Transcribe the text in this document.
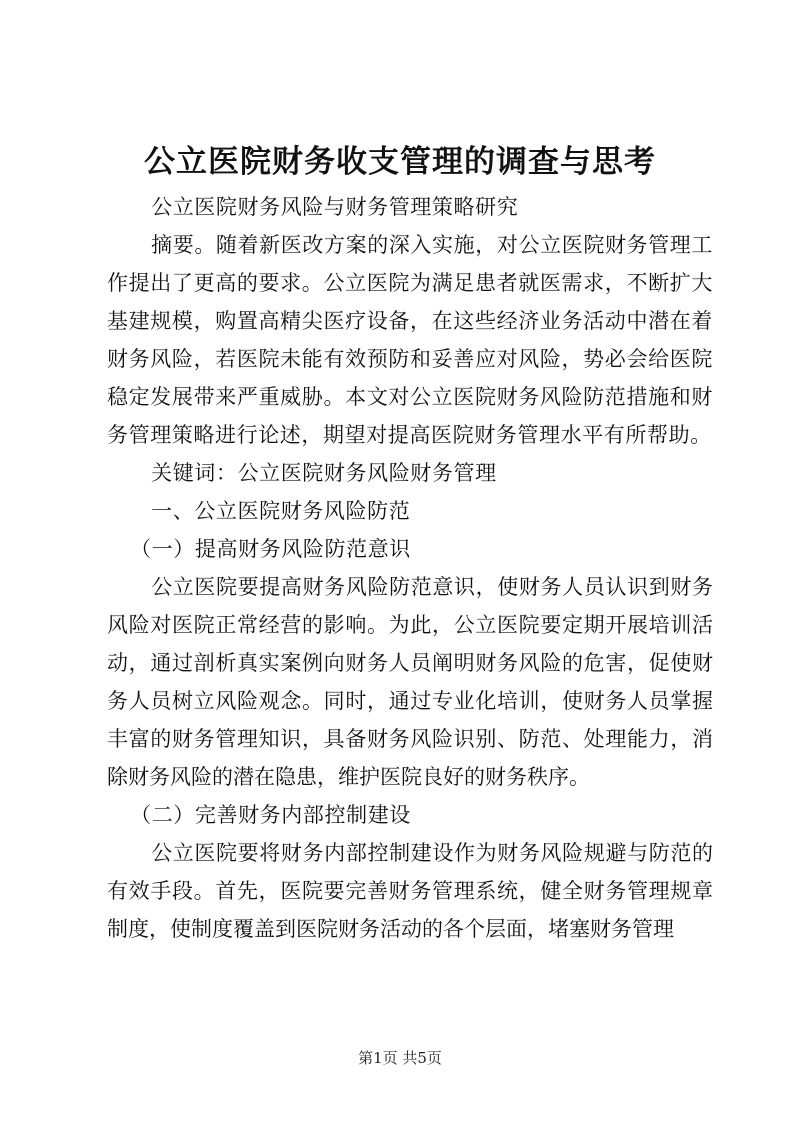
公立医院财务收支管理的调查与思考

公立医院财务风险与财务管理策略研究

摘要。随着新医改方案的深入实施，对公立医院财务管理工作提出了更高的要求。公立医院为满足患者就医需求，不断扩大基建规模，购置高精尖医疗设备，在这些经济业务活动中潜在着财务风险，若医院未能有效预防和妥善应对风险，势必会给医院稳定发展带来严重威胁。本文对公立医院财务风险防范措施和财务管理策略进行论述，期望对提高医院财务管理水平有所帮助。

关键词：公立医院财务风险财务管理

一、公立医院财务风险防范

（一）提高财务风险防范意识

公立医院要提高财务风险防范意识，使财务人员认识到财务风险对医院正常经营的影响。为此，公立医院要定期开展培训活动，通过剖析真实案例向财务人员阐明财务风险的危害，促使财务人员树立风险观念。同时，通过专业化培训，使财务人员掌握丰富的财务管理知识，具备财务风险识别、防范、处理能力，消除财务风险的潜在隐患，维护医院良好的财务秩序。

（二）完善财务内部控制建设

公立医院要将财务内部控制建设作为财务风险规避与防范的有效手段。首先，医院要完善财务管理系统，健全财务管理规章制度，使制度覆盖到医院财务活动的各个层面，堵塞财务管理

第1页 共5页
